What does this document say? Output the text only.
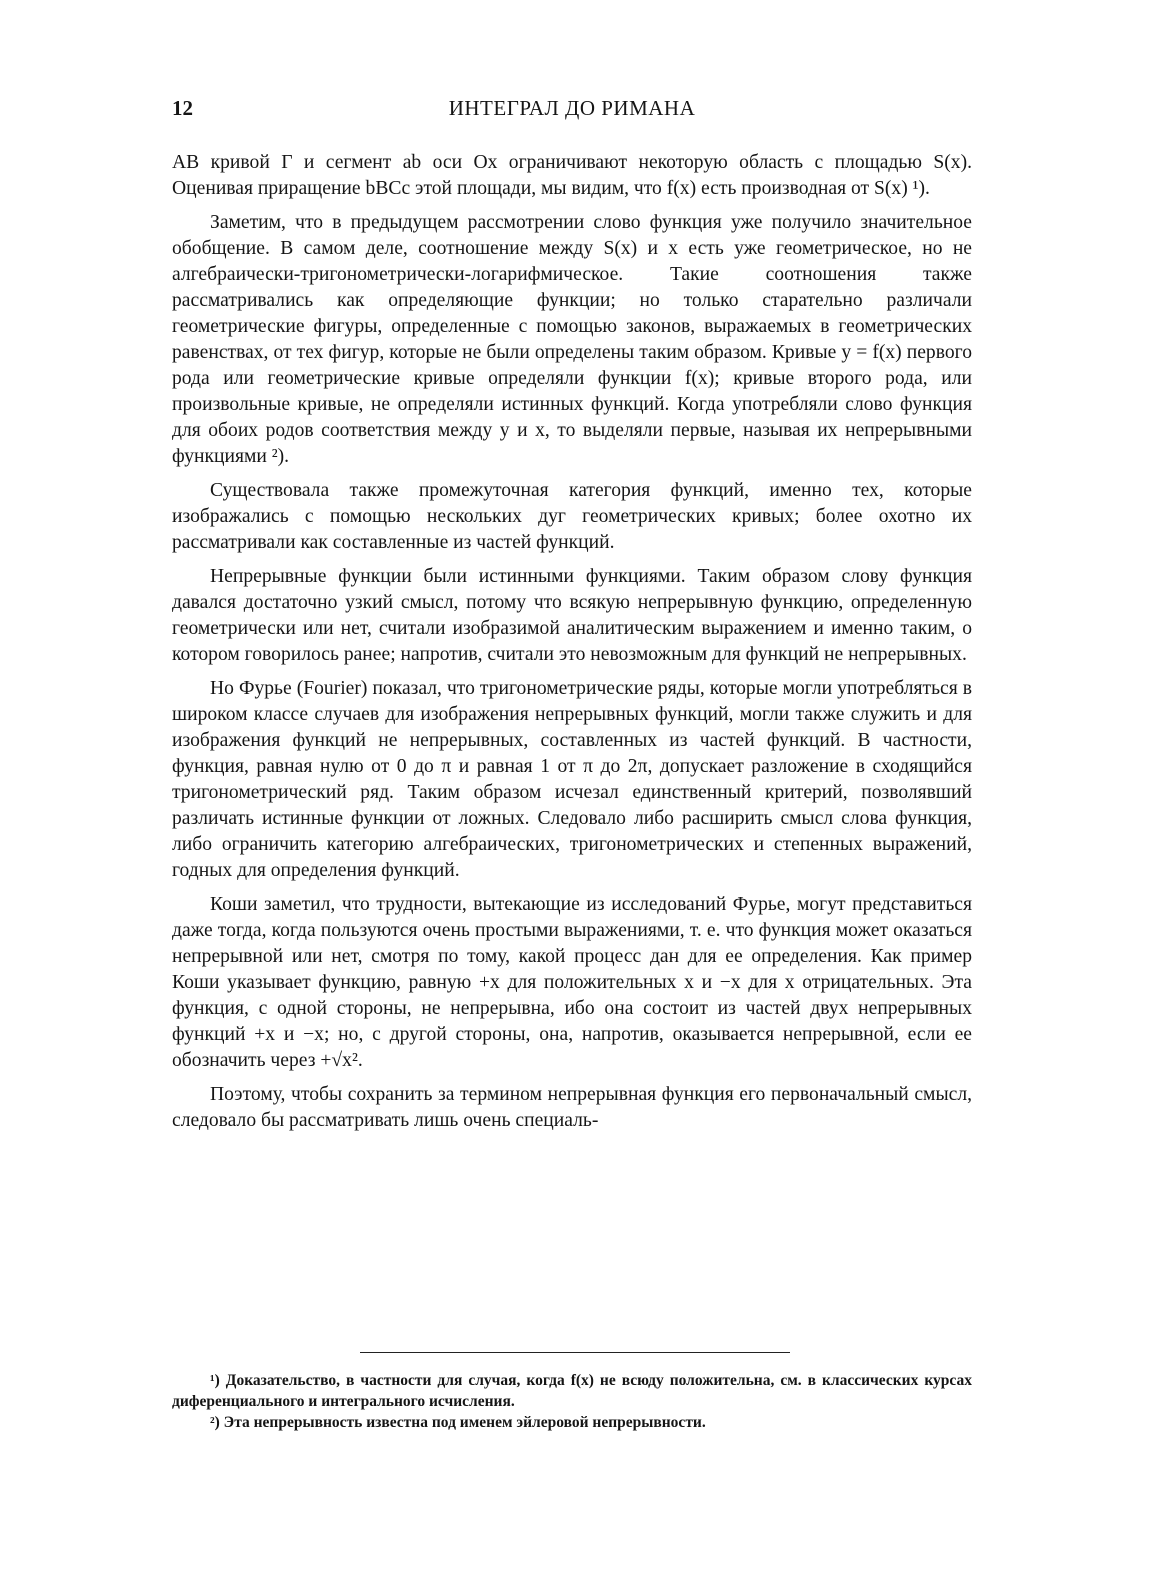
12	ИНТЕГРАЛ ДО РИМАНА

AB кривой Г и сегмент ab оси Ox ограничивают некоторую область с площадью S(x). Оценивая приращение bBCc этой площади, мы видим, что f(x) есть производная от S(x) ¹).

Заметим, что в предыдущем рассмотрении слово функция уже получило значительное обобщение. В самом деле, соотношение между S(x) и x есть уже геометрическое, но не алгебраически-тригонометрически-логарифмическое. Такие соотношения также рассматривались как определяющие функции; но только старательно различали геометрические фигуры, определенные с помощью законов, выражаемых в геометрических равенствах, от тех фигур, которые не были определены таким образом. Кривые y = f(x) первого рода или геометрические кривые определяли функции f(x); кривые второго рода, или произвольные кривые, не определяли истинных функций. Когда употребляли слово функция для обоих родов соответствия между y и x, то выделяли первые, называя их непрерывными функциями ²).

Существовала также промежуточная категория функций, именно тех, которые изображались с помощью нескольких дуг геометрических кривых; более охотно их рассматривали как составленные из частей функций.

Непрерывные функции были истинными функциями. Таким образом слову функция давался достаточно узкий смысл, потому что всякую непрерывную функцию, определенную геометрически или нет, считали изобразимой аналитическим выражением и именно таким, о котором говорилось ранее; напротив, считали это невозможным для функций не непрерывных.

Но Фурье (Fourier) показал, что тригонометрические ряды, которые могли употребляться в широком классе случаев для изображения непрерывных функций, могли также служить и для изображения функций не непрерывных, составленных из частей функций. В частности, функция, равная нулю от 0 до π и равная 1 от π до 2π, допускает разложение в сходящийся тригонометрический ряд. Таким образом исчезал единственный критерий, позволявший различать истинные функции от ложных. Следовало либо расширить смысл слова функция, либо ограничить категорию алгебраических, тригонометрических и степенных выражений, годных для определения функций.

Коши заметил, что трудности, вытекающие из исследований Фурье, могут представиться даже тогда, когда пользуются очень простыми выражениями, т. е. что функция может оказаться непрерывной или нет, смотря по тому, какой процесс дан для ее определения. Как пример Коши указывает функцию, равную +x для положительных x и −x для x отрицательных. Эта функция, с одной стороны, не непрерывна, ибо она состоит из частей двух непрерывных функций +x и −x; но, с другой стороны, она, напротив, оказывается непрерывной, если ее обозначить через +√x².

Поэтому, чтобы сохранить за термином непрерывная функция его первоначальный смысл, следовало бы рассматривать лишь очень специаль-

¹) Доказательство, в частности для случая, когда f(x) не всюду положительна, см. в классических курсах диференциального и интегрального исчисления.

²) Эта непрерывность известна под именем эйлеровой непрерывности.
